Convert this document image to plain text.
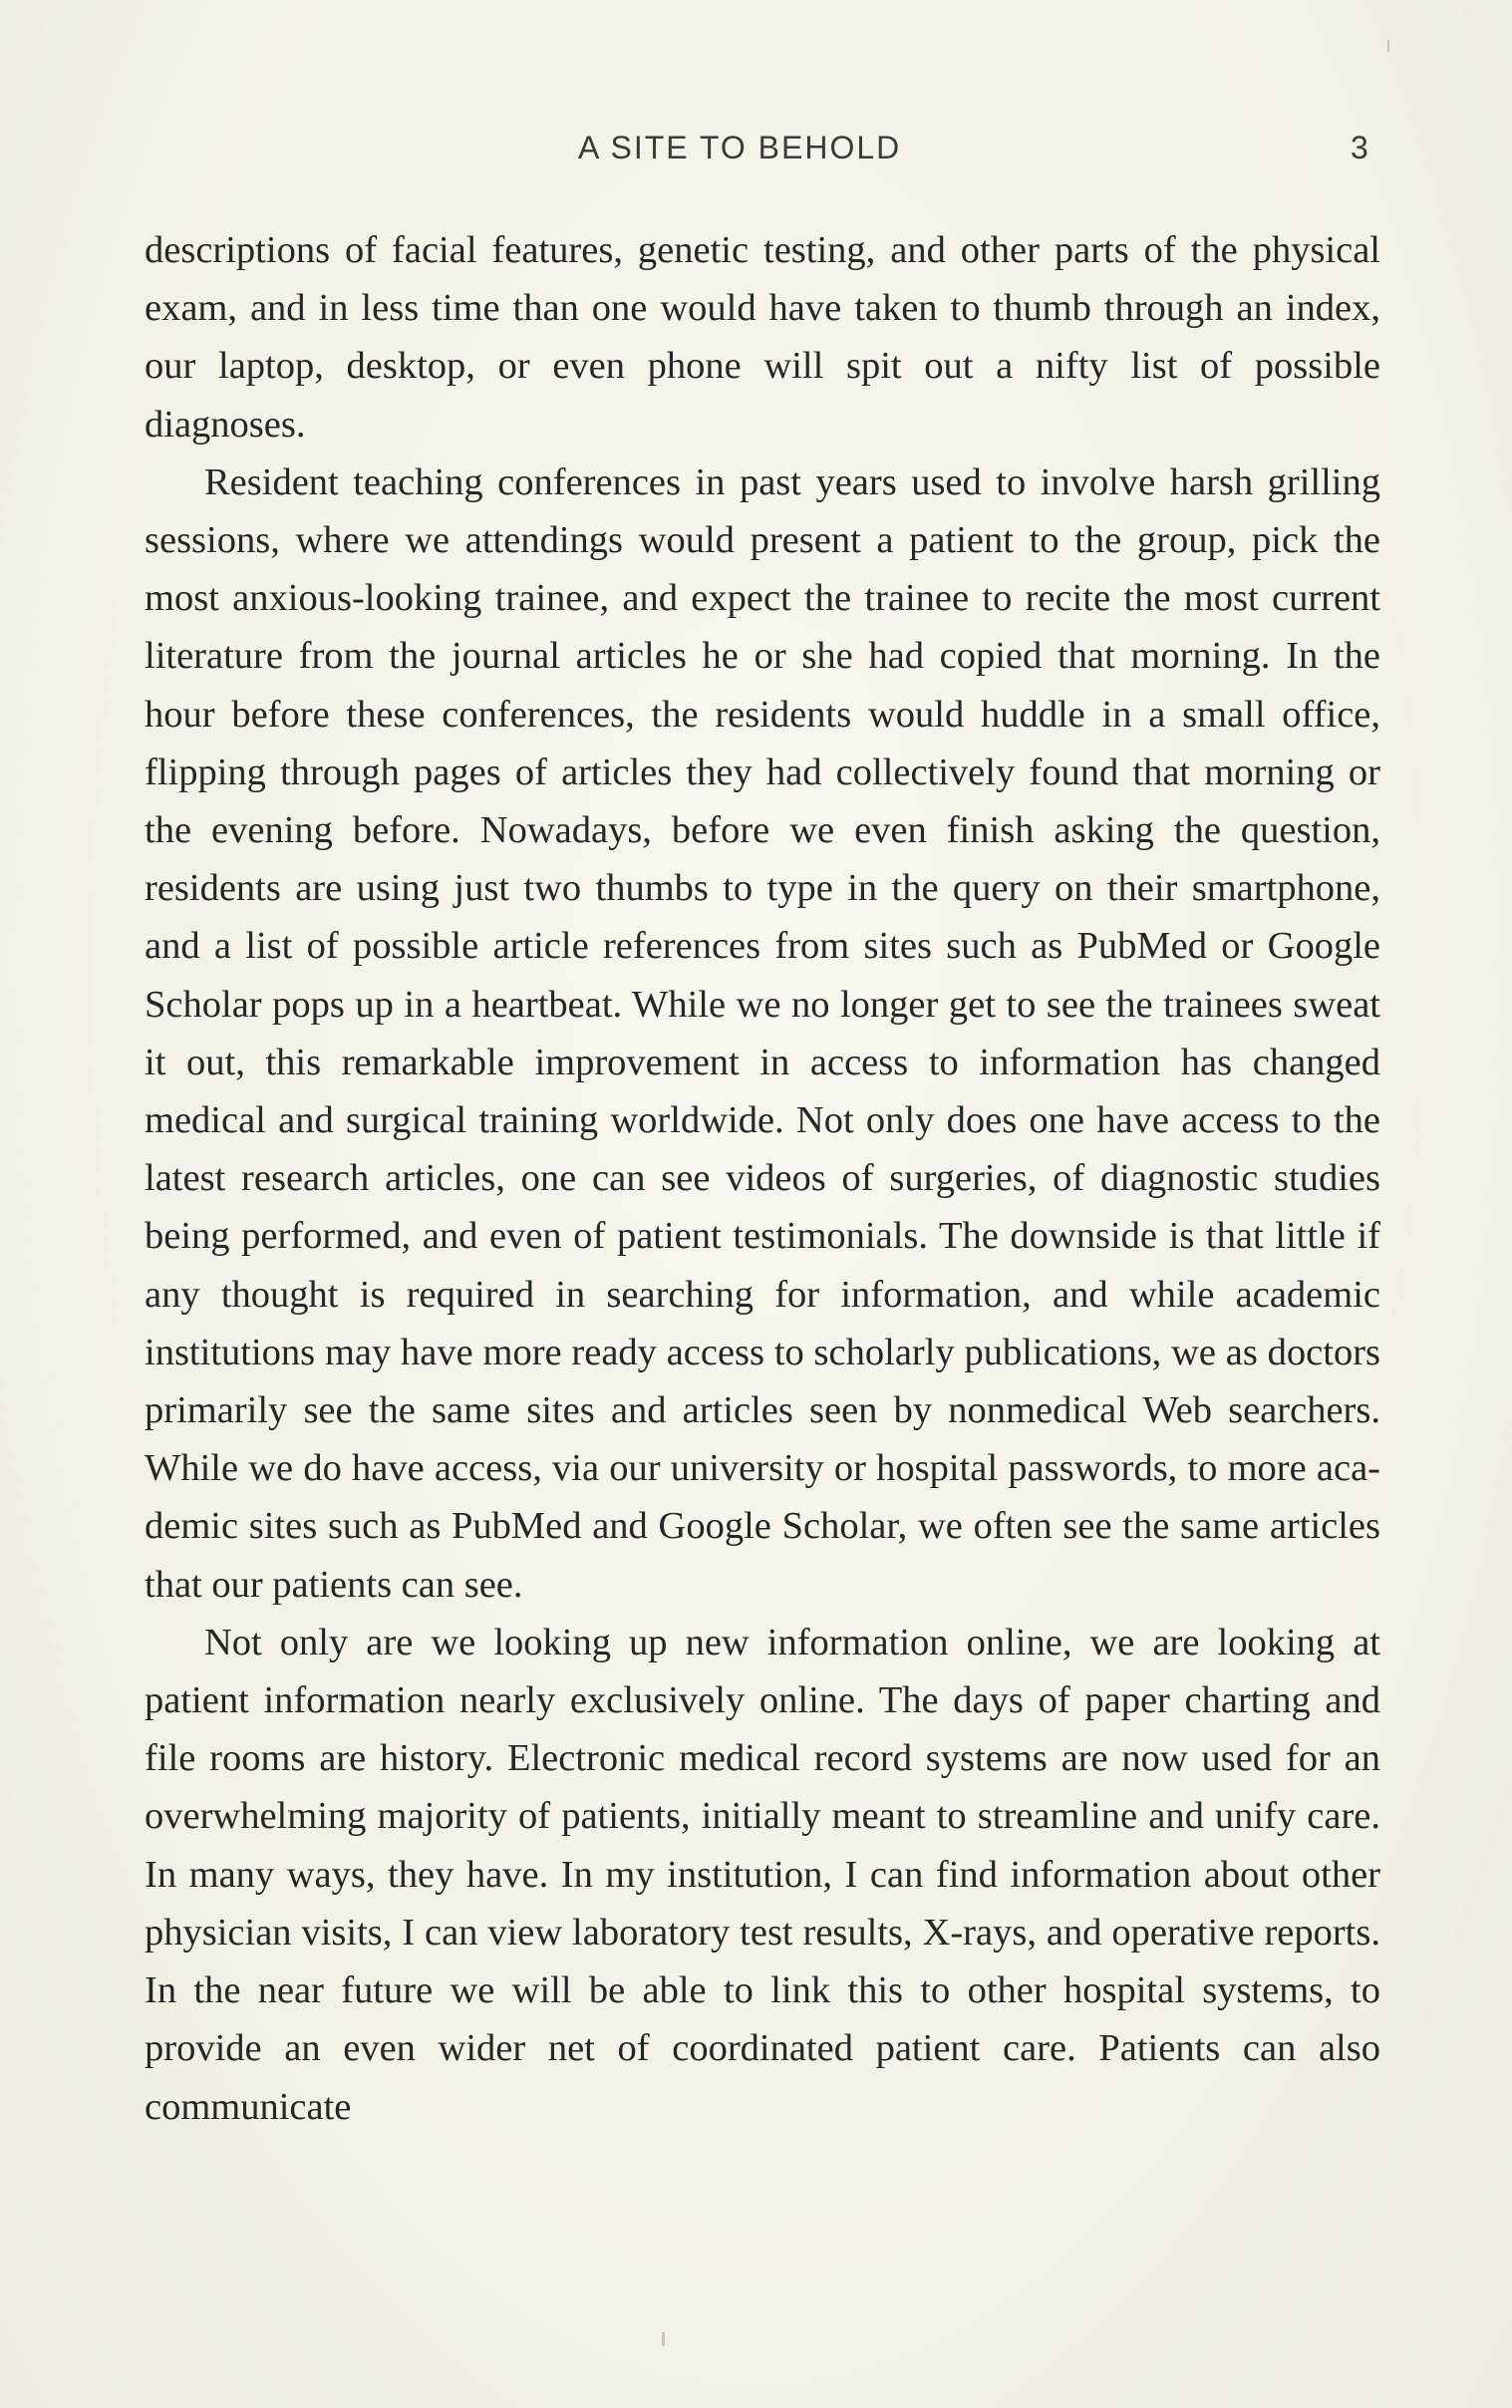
A SITE TO BEHOLD	3

descriptions of facial features, genetic testing, and other parts of the physical exam, and in less time than one would have taken to thumb through an index, our laptop, desktop, or even phone will spit out a nifty list of possible diagnoses.

Resident teaching conferences in past years used to involve harsh grilling sessions, where we attendings would present a patient to the group, pick the most anxious-looking trainee, and expect the trainee to recite the most current literature from the journal articles he or she had copied that morning. In the hour before these conferences, the residents would huddle in a small office, flipping through pages of articles they had collectively found that morning or the evening before. Nowadays, before we even finish asking the question, residents are using just two thumbs to type in the query on their smartphone, and a list of possible article references from sites such as PubMed or Google Scholar pops up in a heartbeat. While we no longer get to see the trainees sweat it out, this remarkable improvement in access to information has changed medical and surgical training worldwide. Not only does one have access to the latest research articles, one can see videos of surgeries, of diagnostic studies being performed, and even of patient testimonials. The downside is that little if any thought is required in searching for information, and while academic institutions may have more ready access to scholarly publications, we as doctors primarily see the same sites and articles seen by nonmedical Web searchers. While we do have access, via our university or hospital passwords, to more academic sites such as PubMed and Google Scholar, we often see the same articles that our patients can see.

Not only are we looking up new information online, we are looking at patient information nearly exclusively online. The days of paper charting and file rooms are history. Electronic medical record systems are now used for an overwhelming majority of patients, initially meant to streamline and unify care. In many ways, they have. In my institution, I can find information about other physician visits, I can view laboratory test results, X-rays, and operative reports. In the near future we will be able to link this to other hospital systems, to provide an even wider net of coordinated patient care. Patients can also communicate
